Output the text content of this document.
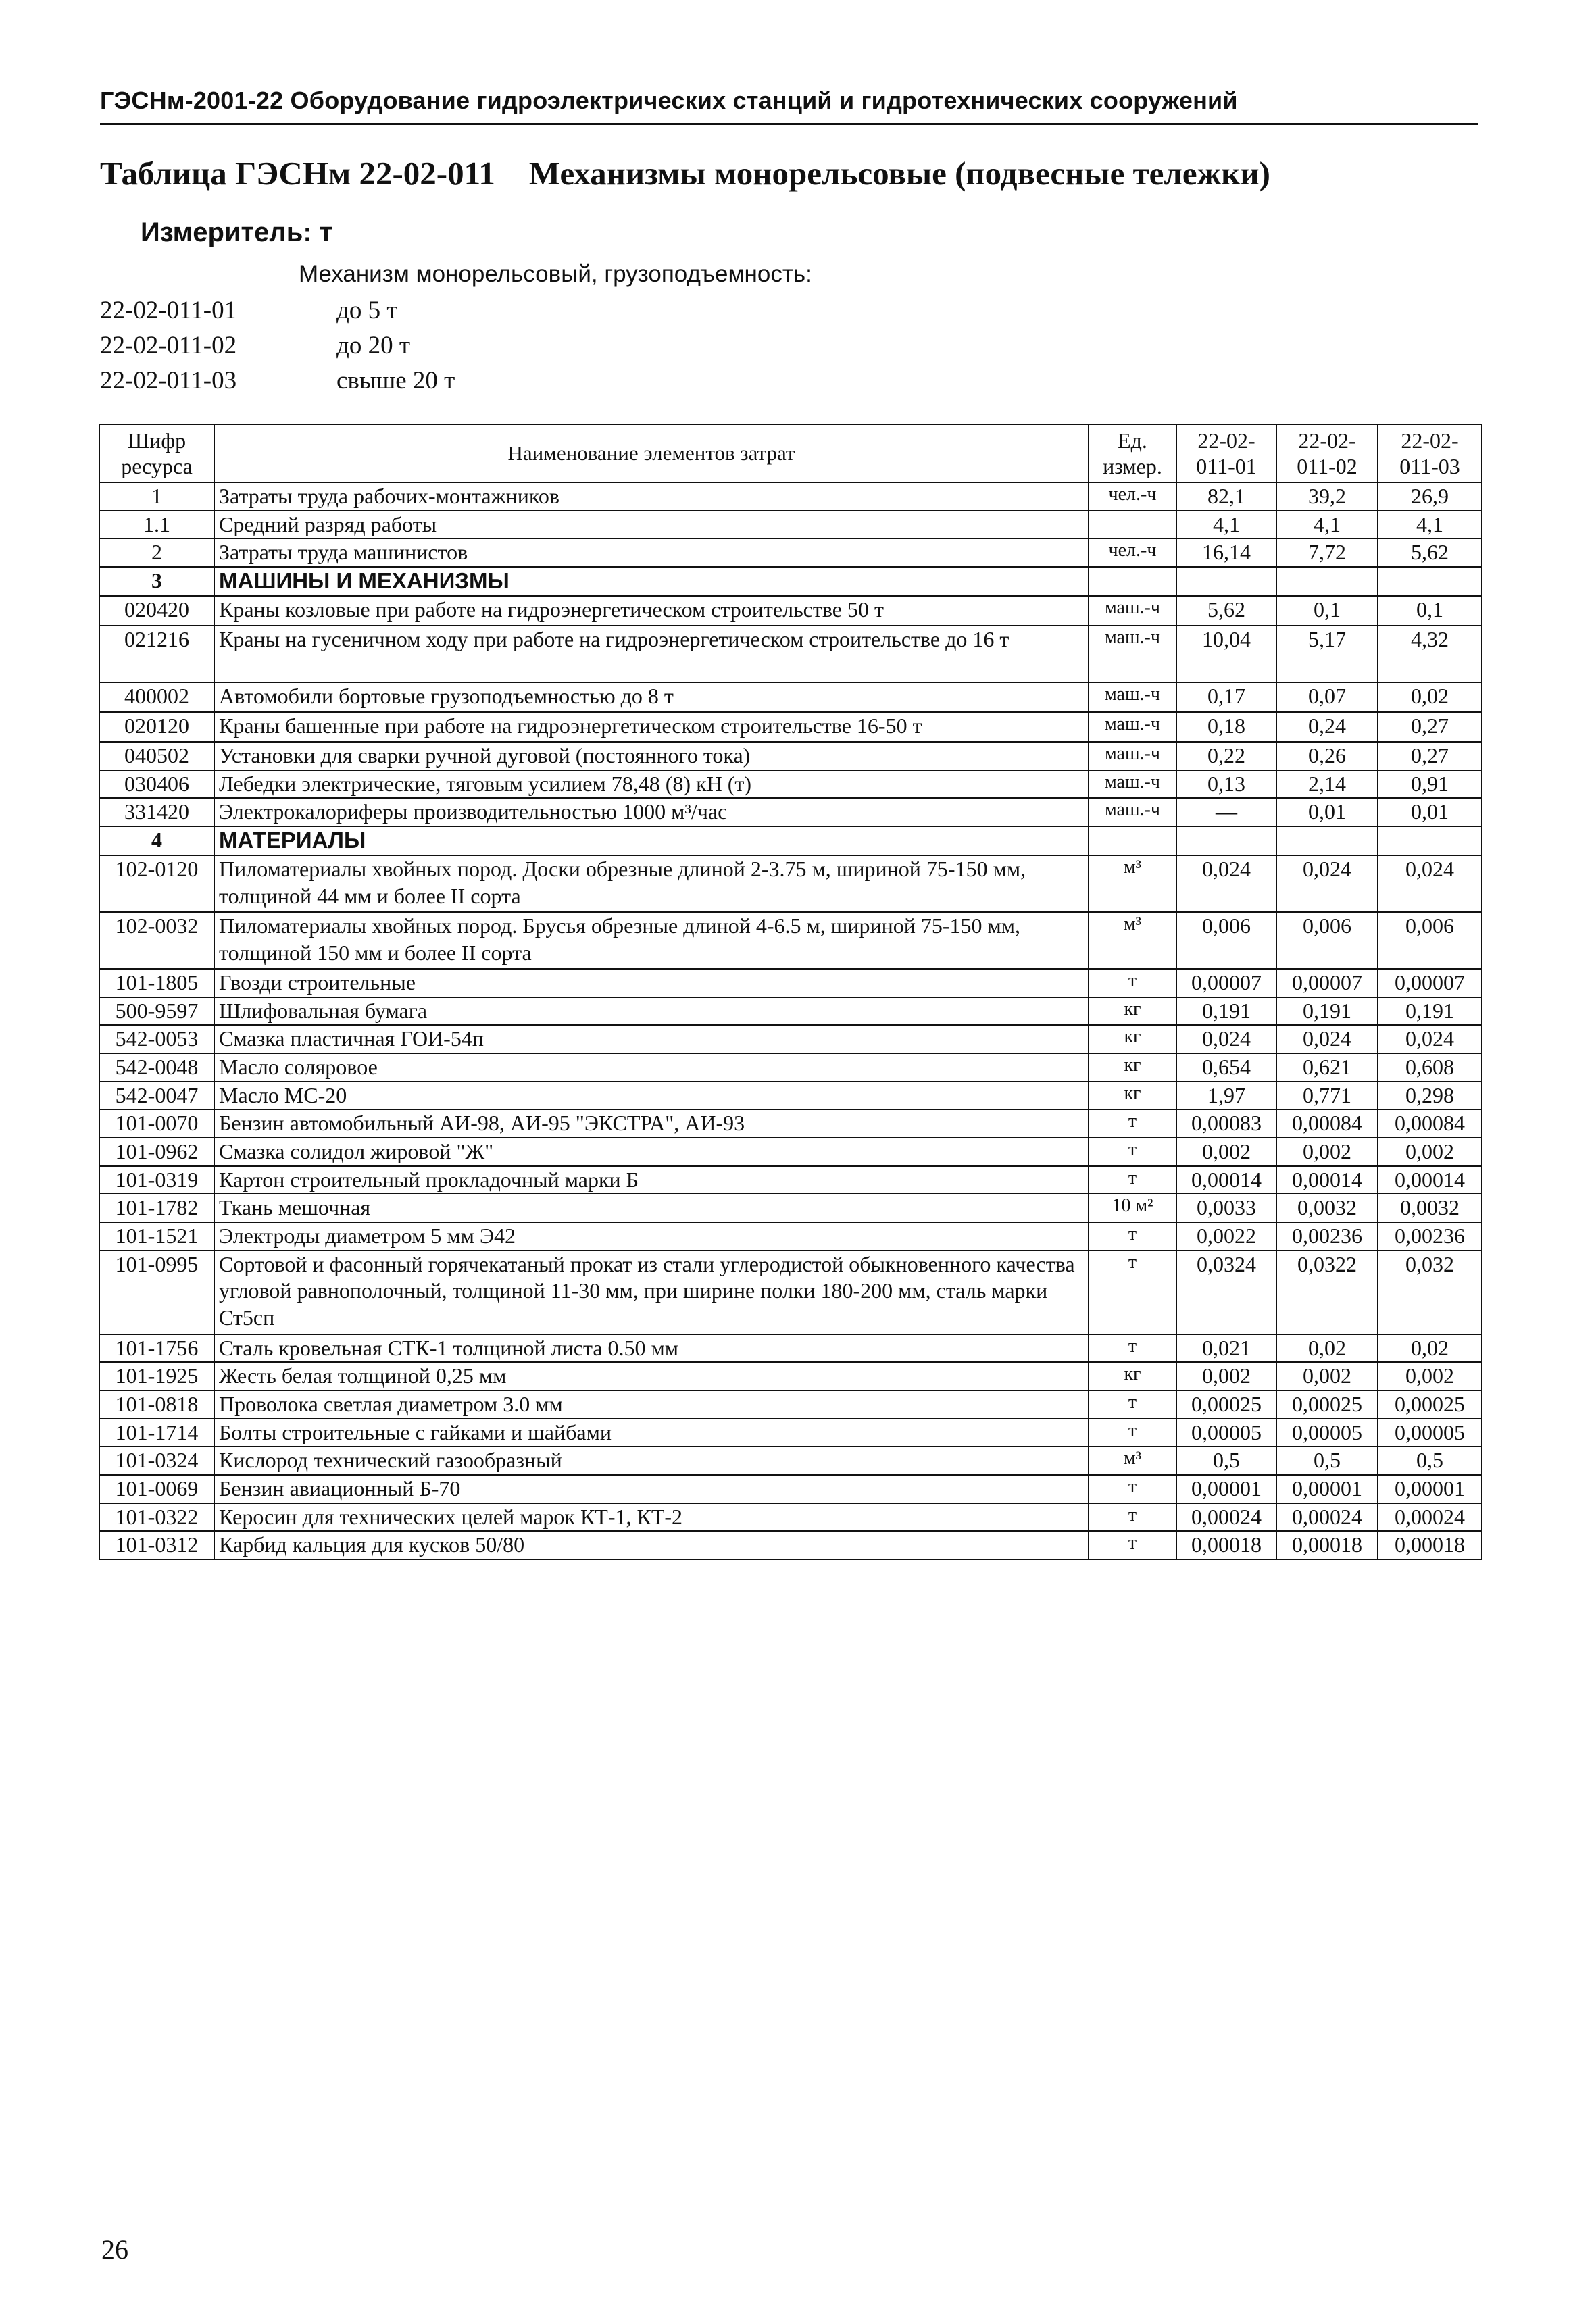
ГЭСНм-2001-22 Оборудование гидроэлектрических станций и гидротехнических сооружений
Таблица ГЭСНм 22-02-011 Механизмы монорельсовые (подвесные тележки)
Измеритель: т
Механизм монорельсовый, грузоподъемность:
22-02-011-01	до 5 т
22-02-011-02	до 20 т
22-02-011-03	свыше 20 т
Шифр ресурса	Наименование элементов затрат	Ед. измер.	22-02-011-01	22-02-011-02	22-02-011-03
1	Затраты труда рабочих-монтажников	чел.-ч	82,1	39,2	26,9
1.1	Средний разряд работы		4,1	4,1	4,1
2	Затраты труда машинистов	чел.-ч	16,14	7,72	5,62
3	МАШИНЫ И МЕХАНИЗМЫ				
020420	Краны козловые при работе на гидроэнергетическом строительстве 50 т	маш.-ч	5,62	0,1	0,1
021216	Краны на гусеничном ходу при работе на гидроэнергетическом строительстве до 16 т	маш.-ч	10,04	5,17	4,32
400002	Автомобили бортовые грузоподъемностью до 8 т	маш.-ч	0,17	0,07	0,02
020120	Краны башенные при работе на гидроэнергетическом строительстве 16-50 т	маш.-ч	0,18	0,24	0,27
040502	Установки для сварки ручной дуговой (постоянного тока)	маш.-ч	0,22	0,26	0,27
030406	Лебедки электрические, тяговым усилием 78,48 (8) кН (т)	маш.-ч	0,13	2,14	0,91
331420	Электрокалориферы производительностью 1000 м³/час	маш.-ч	—	0,01	0,01
4	МАТЕРИАЛЫ				
102-0120	Пиломатериалы хвойных пород. Доски обрезные длиной 2-3.75 м, шириной 75-150 мм, толщиной 44 мм и более II сорта	м³	0,024	0,024	0,024
102-0032	Пиломатериалы хвойных пород. Брусья обрезные длиной 4-6.5 м, шириной 75-150 мм, толщиной 150 мм и более II сорта	м³	0,006	0,006	0,006
101-1805	Гвозди строительные	т	0,00007	0,00007	0,00007
500-9597	Шлифовальная бумага	кг	0,191	0,191	0,191
542-0053	Смазка пластичная ГОИ-54п	кг	0,024	0,024	0,024
542-0048	Масло соляровое	кг	0,654	0,621	0,608
542-0047	Масло МС-20	кг	1,97	0,771	0,298
101-0070	Бензин автомобильный АИ-98, АИ-95 "ЭКСТРА", АИ-93	т	0,00083	0,00084	0,00084
101-0962	Смазка солидол жировой "Ж"	т	0,002	0,002	0,002
101-0319	Картон строительный прокладочный марки Б	т	0,00014	0,00014	0,00014
101-1782	Ткань мешочная	10 м²	0,0033	0,0032	0,0032
101-1521	Электроды диаметром 5 мм Э42	т	0,0022	0,00236	0,00236
101-0995	Сортовой и фасонный горячекатаный прокат из стали углеродистой обыкновенного качества угловой равнополочный, толщиной 11-30 мм, при ширине полки 180-200 мм, сталь марки Ст5сп	т	0,0324	0,0322	0,032
101-1756	Сталь кровельная СТК-1 толщиной листа 0.50 мм	т	0,021	0,02	0,02
101-1925	Жесть белая толщиной 0,25 мм	кг	0,002	0,002	0,002
101-0818	Проволока светлая диаметром 3.0 мм	т	0,00025	0,00025	0,00025
101-1714	Болты строительные с гайками и шайбами	т	0,00005	0,00005	0,00005
101-0324	Кислород технический газообразный	м³	0,5	0,5	0,5
101-0069	Бензин авиационный Б-70	т	0,00001	0,00001	0,00001
101-0322	Керосин для технических целей марок КТ-1, КТ-2	т	0,00024	0,00024	0,00024
101-0312	Карбид кальция для кусков 50/80	т	0,00018	0,00018	0,00018
26
